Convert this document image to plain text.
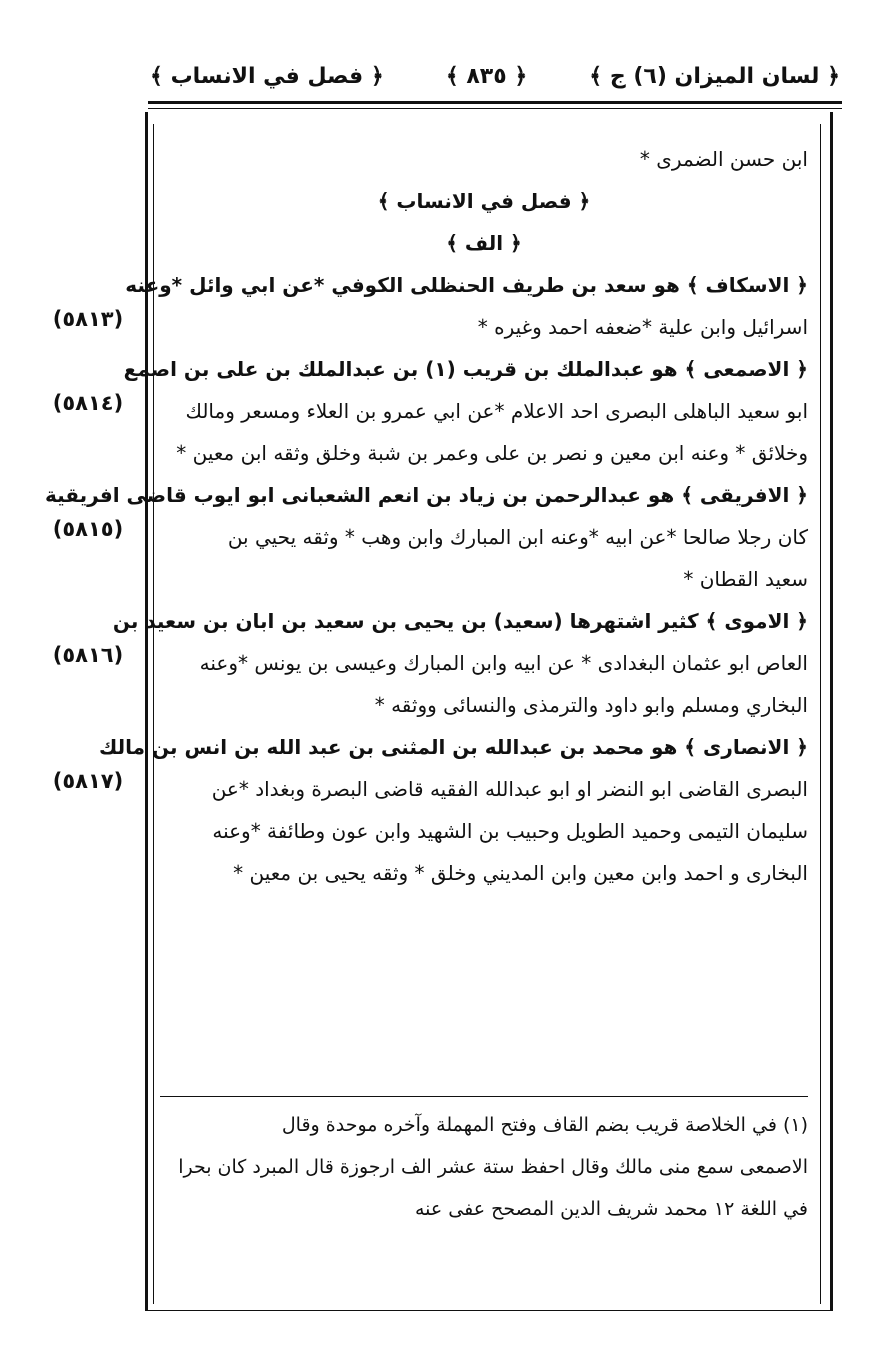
﴿ لسان الميزان (٦) ج ﴾
﴿ ٨٣٥ ﴾
﴿ فصل في الانساب ﴾
ابن حسن الضمرى *
﴿ فصل في الانساب ﴾
﴿ الف ﴾
﴿ الاسكاف ﴾ هو سعد بن طريف الحنظلى الكوفي *عن ابي وائل *وعنه
اسرائيل وابن علية *ضعفه احمد وغيره *
﴿ الاصمعى ﴾ هو عبدالملك بن قريب (١) بن عبدالملك بن على بن اصمع
ابو سعيد الباهلى البصرى احد الاعلام *عن ابي عمرو بن العلاء ومسعر ومالك
وخلائق * وعنه ابن معين و نصر بن على وعمر بن شبة وخلق وثقه ابن معين *
﴿ الافريقى ﴾ هو عبدالرحمن بن زياد بن انعم الشعبانى ابو ايوب قاضى افريقية
كان رجلا صالحا *عن ابيه *وعنه ابن المبارك وابن وهب * وثقه يحيي بن
سعيد القطان *
﴿ الاموى ﴾ كثير اشتهرها (سعيد) بن يحيى بن سعيد بن ابان بن سعيد بن
العاص ابو عثمان البغدادى * عن ابيه وابن المبارك وعيسى بن يونس *وعنه
البخاري ومسلم وابو داود والترمذى والنسائى ووثقه *
﴿ الانصارى ﴾ هو محمد بن عبدالله بن المثنى بن عبد الله بن انس بن مالك
البصرى القاضى ابو النضر او ابو عبدالله الفقيه قاضى البصرة وبغداد *عن
سليمان التيمى وحميد الطويل وحبيب بن الشهيد وابن عون وطائفة *وعنه
البخارى و احمد وابن معين وابن المديني وخلق * وثقه يحيى بن معين *
(٥٨١٣)
(٥٨١٤)
(٥٨١٥)
(٥٨١٦)
(٥٨١٧)
(١) في الخلاصة قريب بضم القاف وفتح المهملة وآخره موحدة وقال
الاصمعى سمع منى مالك وقال احفظ ستة عشر الف ارجوزة قال المبرد كان بحرا
في اللغة ١٢ محمد شريف الدين المصحح عفى عنه
